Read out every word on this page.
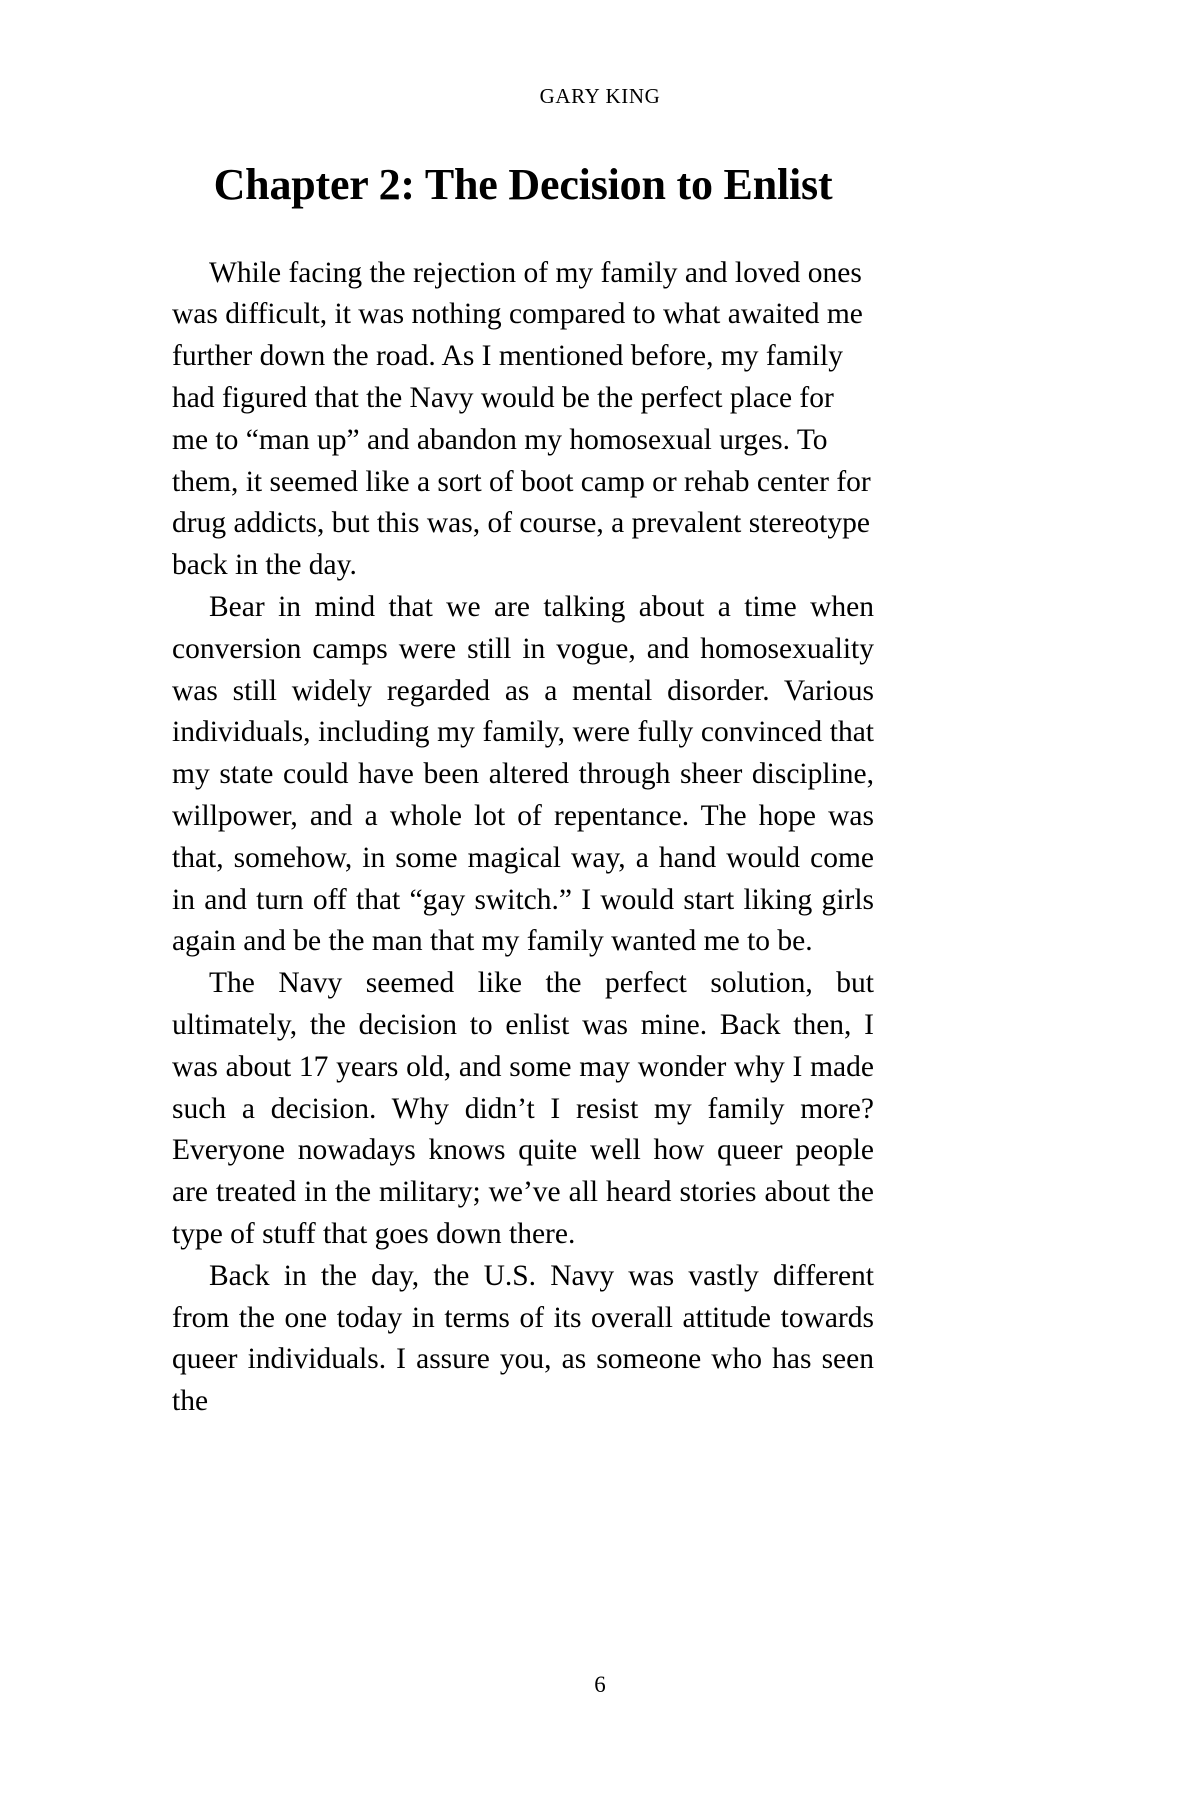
GARY KING
Chapter 2: The Decision to Enlist

While facing the rejection of my family and loved ones was difficult, it was nothing compared to what awaited me further down the road. As I mentioned before, my family had figured that the Navy would be the perfect place for me to “man up” and abandon my homosexual urges. To them, it seemed like a sort of boot camp or rehab center for drug addicts, but this was, of course, a prevalent stereotype back in the day.

Bear in mind that we are talking about a time when conversion camps were still in vogue, and homosexuality was still widely regarded as a mental disorder. Various individuals, including my family, were fully convinced that my state could have been altered through sheer discipline, willpower, and a whole lot of repentance. The hope was that, somehow, in some magical way, a hand would come in and turn off that “gay switch.” I would start liking girls again and be the man that my family wanted me to be.

The Navy seemed like the perfect solution, but ultimately, the decision to enlist was mine. Back then, I was about 17 years old, and some may wonder why I made such a decision. Why didn’t I resist my family more? Everyone nowadays knows quite well how queer people are treated in the military; we’ve all heard stories about the type of stuff that goes down there.

Back in the day, the U.S. Navy was vastly different from the one today in terms of its overall attitude towards queer individuals. I assure you, as someone who has seen the

6
